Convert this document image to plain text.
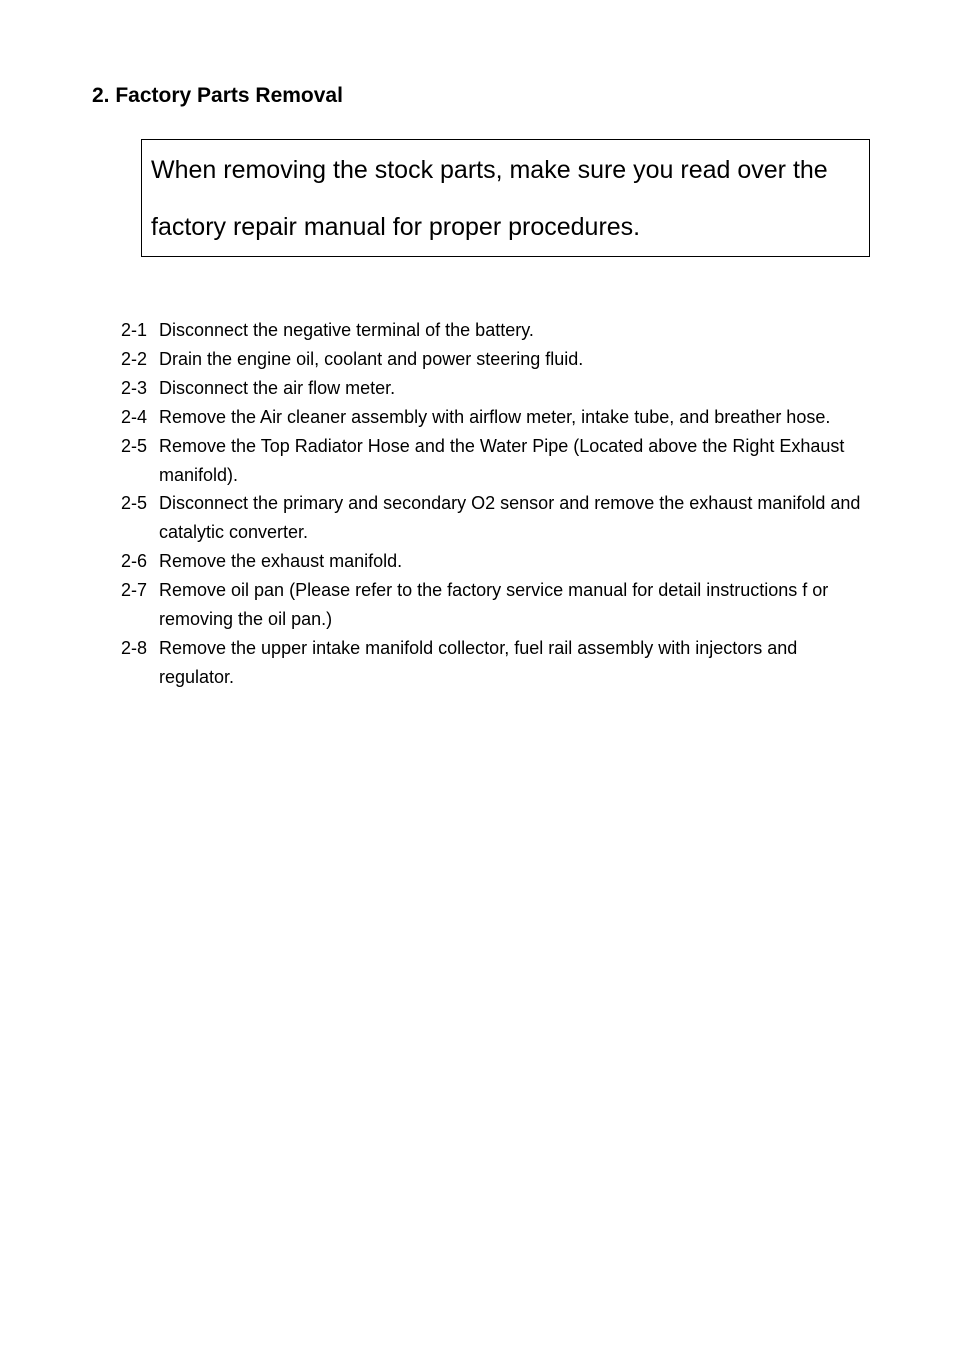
2. Factory Parts Removal
When removing the stock parts, make sure you read over the
factory repair manual for proper procedures.
2-1 Disconnect the negative terminal of the battery.
2-2 Drain the engine oil, coolant and power steering fluid.
2-3 Disconnect the air flow meter.
2-4 Remove the Air cleaner assembly with airflow meter, intake tube, and breather hose.
2-5 Remove the Top Radiator Hose and the Water Pipe (Located above the Right Exhaust manifold).
2-5 Disconnect the primary and secondary O2 sensor and remove the exhaust manifold and catalytic converter.
2-6 Remove the exhaust manifold.
2-7 Remove oil pan (Please refer to the factory service manual for detail instructions f or removing the oil pan.)
2-8 Remove the upper intake manifold collector, fuel rail assembly with injectors and regulator.
